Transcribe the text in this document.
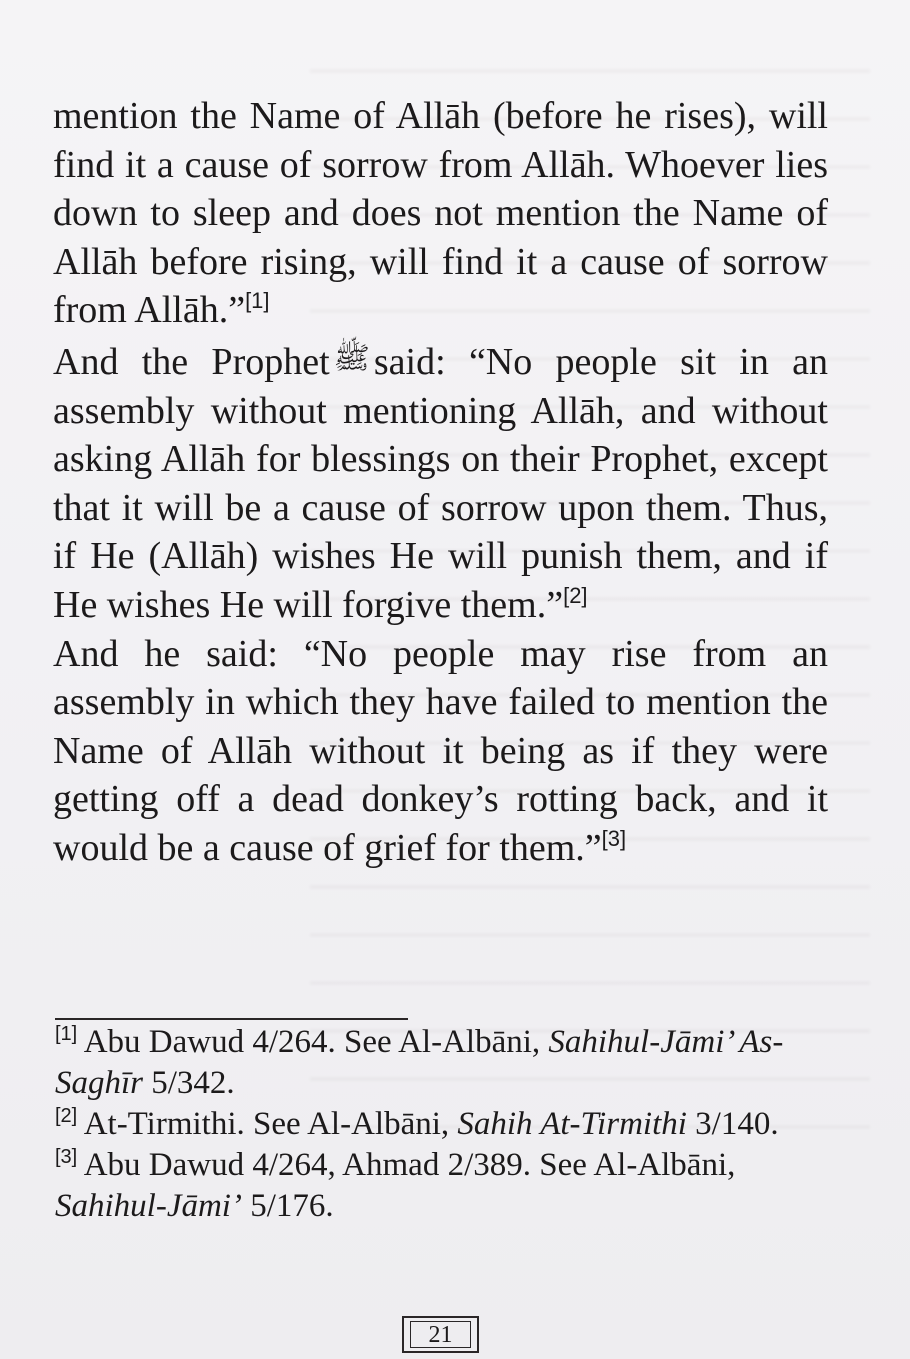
mention the Name of Allāh (before he rises), will find it a cause of sorrow from Allāh. Whoever lies down to sleep and does not mention the Name of Allāh before rising, will find it a cause of sorrow from Allāh.”[1]

And the Prophet ﷺ said: “No people sit in an assembly without mentioning Allāh, and without asking Allāh for blessings on their Prophet, except that it will be a cause of sorrow upon them. Thus, if He (Allāh) wishes He will punish them, and if He wishes He will forgive them.”[2]

And he said: “No people may rise from an assembly in which they have failed to mention the Name of Allāh without it being as if they were getting off a dead donkey’s rotting back, and it would be a cause of grief for them.”[3]

[1] Abu Dawud 4/264. See Al-Albāni, Sahihul-Jāmi’ As-Saghīr 5/342.

[2] At-Tirmithi. See Al-Albāni, Sahih At-Tirmithi 3/140.

[3] Abu Dawud 4/264, Ahmad 2/389. See Al-Albāni, Sahihul-Jāmi’ 5/176.

21
